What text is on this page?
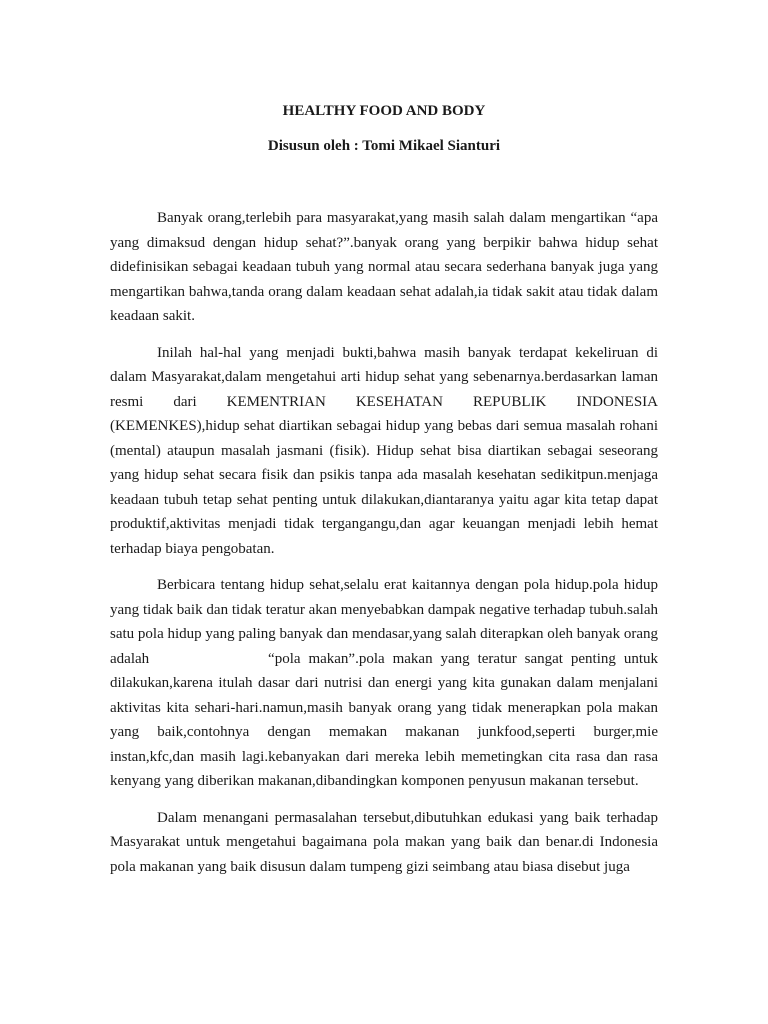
HEALTHY FOOD AND BODY
Disusun oleh : Tomi Mikael Sianturi

Banyak orang,terlebih para masyarakat,yang masih salah dalam mengartikan “apa yang dimaksud dengan hidup sehat?”.banyak orang yang berpikir bahwa hidup sehat didefinisikan sebagai keadaan tubuh yang normal atau secara sederhana banyak juga yang mengartikan bahwa,tanda orang dalam keadaan sehat adalah,ia tidak sakit atau tidak dalam keadaan sakit.

Inilah hal-hal yang menjadi bukti,bahwa masih banyak terdapat kekeliruan di dalam Masyarakat,dalam mengetahui arti hidup sehat yang sebenarnya.berdasarkan laman resmi dari KEMENTRIAN KESEHATAN REPUBLIK INDONESIA (KEMENKES),hidup sehat diartikan sebagai hidup yang bebas dari semua masalah rohani (mental) ataupun masalah jasmani (fisik). Hidup sehat bisa diartikan sebagai seseorang yang hidup sehat secara fisik dan psikis tanpa ada masalah kesehatan sedikitpun.menjaga keadaan tubuh tetap sehat penting untuk dilakukan,diantaranya yaitu agar kita tetap dapat produktif,aktivitas menjadi tidak tergangangu,dan agar keuangan menjadi lebih hemat terhadap biaya pengobatan.

Berbicara tentang hidup sehat,selalu erat kaitannya dengan pola hidup.pola hidup yang tidak baik dan tidak teratur akan menyebabkan dampak negative terhadap tubuh.salah satu pola hidup yang paling banyak dan mendasar,yang salah diterapkan oleh banyak orang adalah               “pola makan”.pola makan yang teratur sangat penting untuk dilakukan,karena itulah dasar dari nutrisi dan energi yang kita gunakan dalam menjalani aktivitas kita sehari-hari.namun,masih banyak orang yang tidak menerapkan pola makan yang baik,contohnya dengan memakan makanan junkfood,seperti burger,mie instan,kfc,dan masih lagi.kebanyakan dari mereka lebih memetingkan cita rasa dan rasa kenyang yang diberikan makanan,dibandingkan komponen penyusun makanan tersebut.

Dalam menangani permasalahan tersebut,dibutuhkan edukasi yang baik terhadap Masyarakat untuk mengetahui bagaimana pola makan yang baik dan benar.di Indonesia pola makanan yang baik disusun dalam tumpeng gizi seimbang atau biasa disebut juga
